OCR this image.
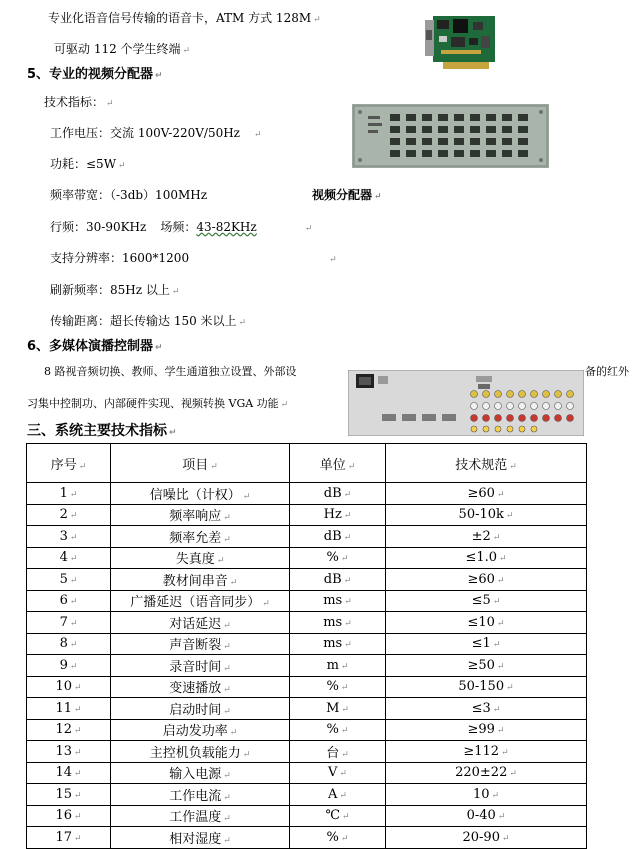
专业化语音信号传输的语音卡，ATM 方式 128M ↵
可驱动 112 个学生终端 ↵
5、专业的视频分配器 ↵
技术指标： ↵
工作电压：交流 100V-220V/50Hz ↵
功耗：≤5W ↵
频率带宽：（-3db）100MHz	视频分配器 ↵
行频：30-90KHz 场频：43-82KHz	↵
支持分辨率：1600*1200	↵
刷新频率：85Hz 以上 ↵
传输距离：超长传输达 150 米以上 ↵
6、多媒体演播控制器 ↵
8 路视音频切换、教师、学生通道独立设置、外部设	备的红外
习集中控制功、内部硬件实现、视频转换 VGA 功能 ↵
三、系统主要技术指标 ↵
序号 ↵	项目 ↵	单位 ↵	技术规范 ↵
1 ↵	信噪比（计权） ↵	dB ↵	≥60 ↵
2 ↵	频率响应 ↵	Hz ↵	50-10k ↵
3 ↵	频率允差 ↵	dB ↵	±2 ↵
4 ↵	失真度 ↵	% ↵	≤1.0 ↵
5 ↵	教材间串音 ↵	dB ↵	≥60 ↵
6 ↵	广播延迟（语音同步） ↵	ms ↵	≤5 ↵
7 ↵	对话延迟 ↵	ms ↵	≤10 ↵
8 ↵	声音断裂 ↵	ms ↵	≤1 ↵
9 ↵	录音时间 ↵	m ↵	≥50 ↵
10 ↵	变速播放 ↵	% ↵	50-150 ↵
11 ↵	启动时间 ↵	M ↵	≤3 ↵
12 ↵	启动发功率 ↵	% ↵	≥99 ↵
13 ↵	主控机负载能力 ↵	台 ↵	≥112 ↵
14 ↵	输入电源 ↵	V ↵	220±22 ↵
15 ↵	工作电流 ↵	A ↵	10 ↵
16 ↵	工作温度 ↵	℃ ↵	0-40 ↵
17 ↵	相对湿度 ↵	% ↵	20-90 ↵
